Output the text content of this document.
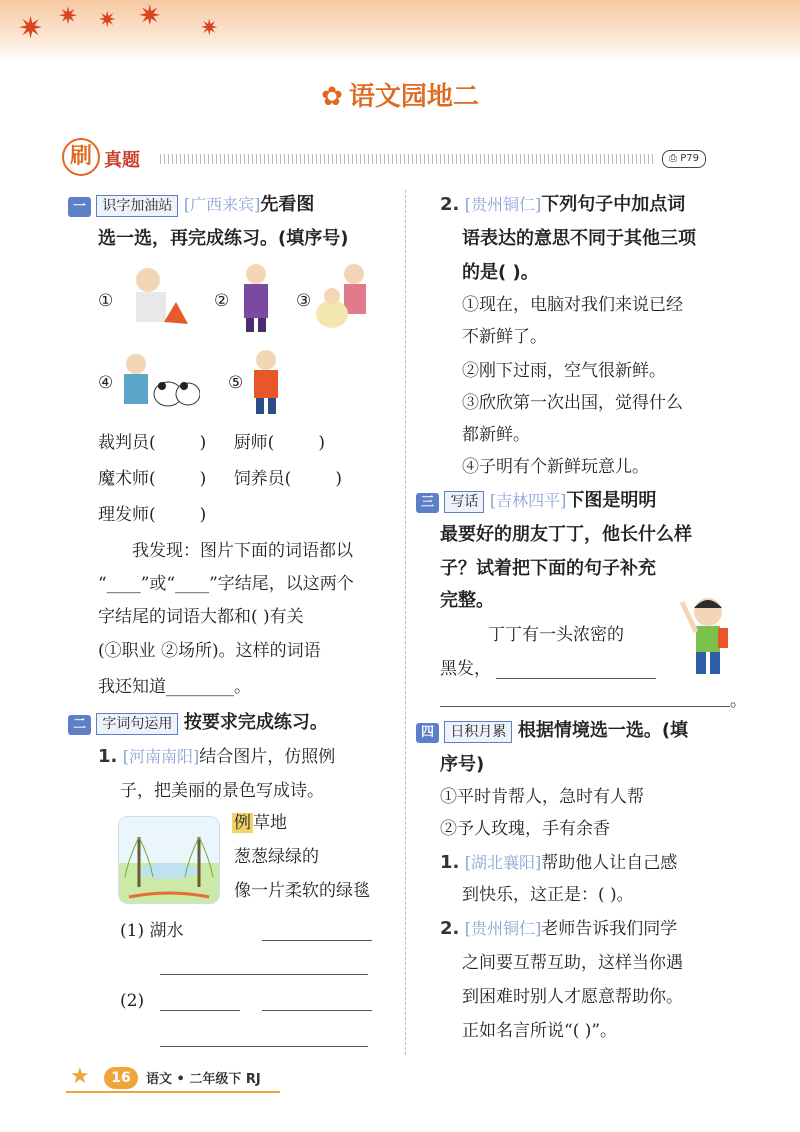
✷ ✷ ✷ ✷ ✷
✿ 语文园地二
刷 真题	⎙ P79
一 识字加油站 [广西来宾]先看图
选一选，再完成练习。(填序号)
①	②	③
④	⑤
裁判员(	) 厨师(	)
魔术师(	) 饲养员(	)
理发师(	)
我发现：图片下面的词语都以
“____”或“____”字结尾，以这两个
字结尾的词语大都和( )有关
(①职业 ②场所)。这样的词语
我还知道________。
二 字词句运用 按要求完成练习。
1. [河南南阳]结合图片，仿照例
子，把美丽的景色写成诗。
例 草地
葱葱绿绿的
像一片柔软的绿毯
(1) 湖水
(2)
2. [贵州铜仁]下列句子中加点词
语表达的意思不同于其他三项
的是( )。
①现在，电脑对我们来说已经
不新鲜了。
②刚下过雨，空气很新鲜。
③欣欣第一次出国，觉得什么
都新鲜。
④子明有个新鲜玩意儿。
三 写话 [吉林四平]下图是明明
最要好的朋友丁丁，他长什么样
子？试着把下面的句子补充
完整。
丁丁有一头浓密的
黑发，
。
四 日积月累 根据情境选一选。(填
序号)
①平时肯帮人，急时有人帮
②予人玫瑰，手有余香
1. [湖北襄阳]帮助他人让自己感
到快乐，这正是：( )。
2. [贵州铜仁]老师告诉我们同学
之间要互帮互助，这样当你遇
到困难时别人才愿意帮助你。
正如名言所说“( )”。
★	16	语文 • 二年级下 RJ
